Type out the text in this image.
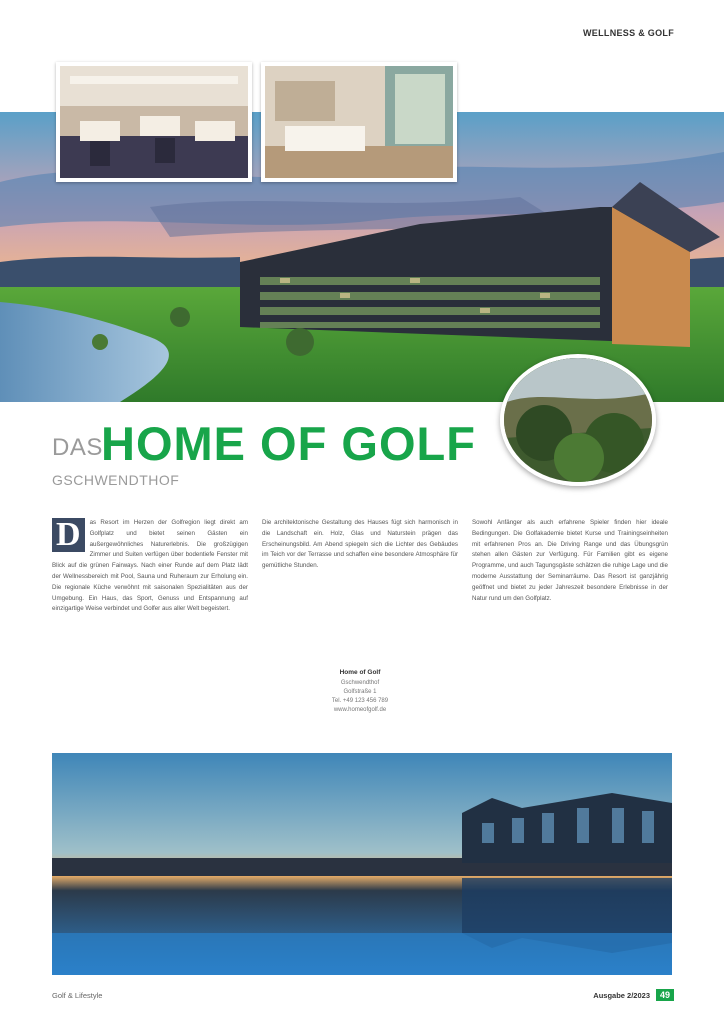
WELLNESS & GOLF
DAS
HOME OF GOLF
GSCHWENDTHOF
D	as Resort im Herzen der Golfregion liegt direkt am Golfplatz und bietet seinen Gästen ein außergewöhnliches Naturerlebnis. Die großzügigen Zimmer und Suiten verfügen über bodentiefe Fenster mit Blick auf die grünen Fairways. Nach einer Runde auf dem Platz lädt der Wellnessbereich mit Pool, Sauna und Ruheraum zur Erholung ein. Die regionale Küche verwöhnt mit saisonalen Spezialitäten aus der Umgebung. Ein Haus, das Sport, Genuss und Entspannung auf einzigartige Weise verbindet und Golfer aus aller Welt begeistert.
Die architektonische Gestaltung des Hauses fügt sich harmonisch in die Landschaft ein. Holz, Glas und Naturstein prägen das Erscheinungsbild. Am Abend spiegeln sich die Lichter des Gebäudes im Teich vor der Terrasse und schaffen eine besondere Atmosphäre für gemütliche Stunden.
Sowohl Anfänger als auch erfahrene Spieler finden hier ideale Bedingungen. Die Golfakademie bietet Kurse und Trainingseinheiten mit erfahrenen Pros an. Die Driving Range und das Übungsgrün stehen allen Gästen zur Verfügung. Für Familien gibt es eigene Programme, und auch Tagungsgäste schätzen die ruhige Lage und die moderne Ausstattung der Seminarräume. Das Resort ist ganzjährig geöffnet und bietet zu jeder Jahreszeit besondere Erlebnisse in der Natur rund um den Golfplatz.
Home of Golf
Gschwendthof
Golfstraße 1
Tel. +49 123 456 789
www.homeofgolf.de
Golf & Lifestyle	Ausgabe 2/2023	49
